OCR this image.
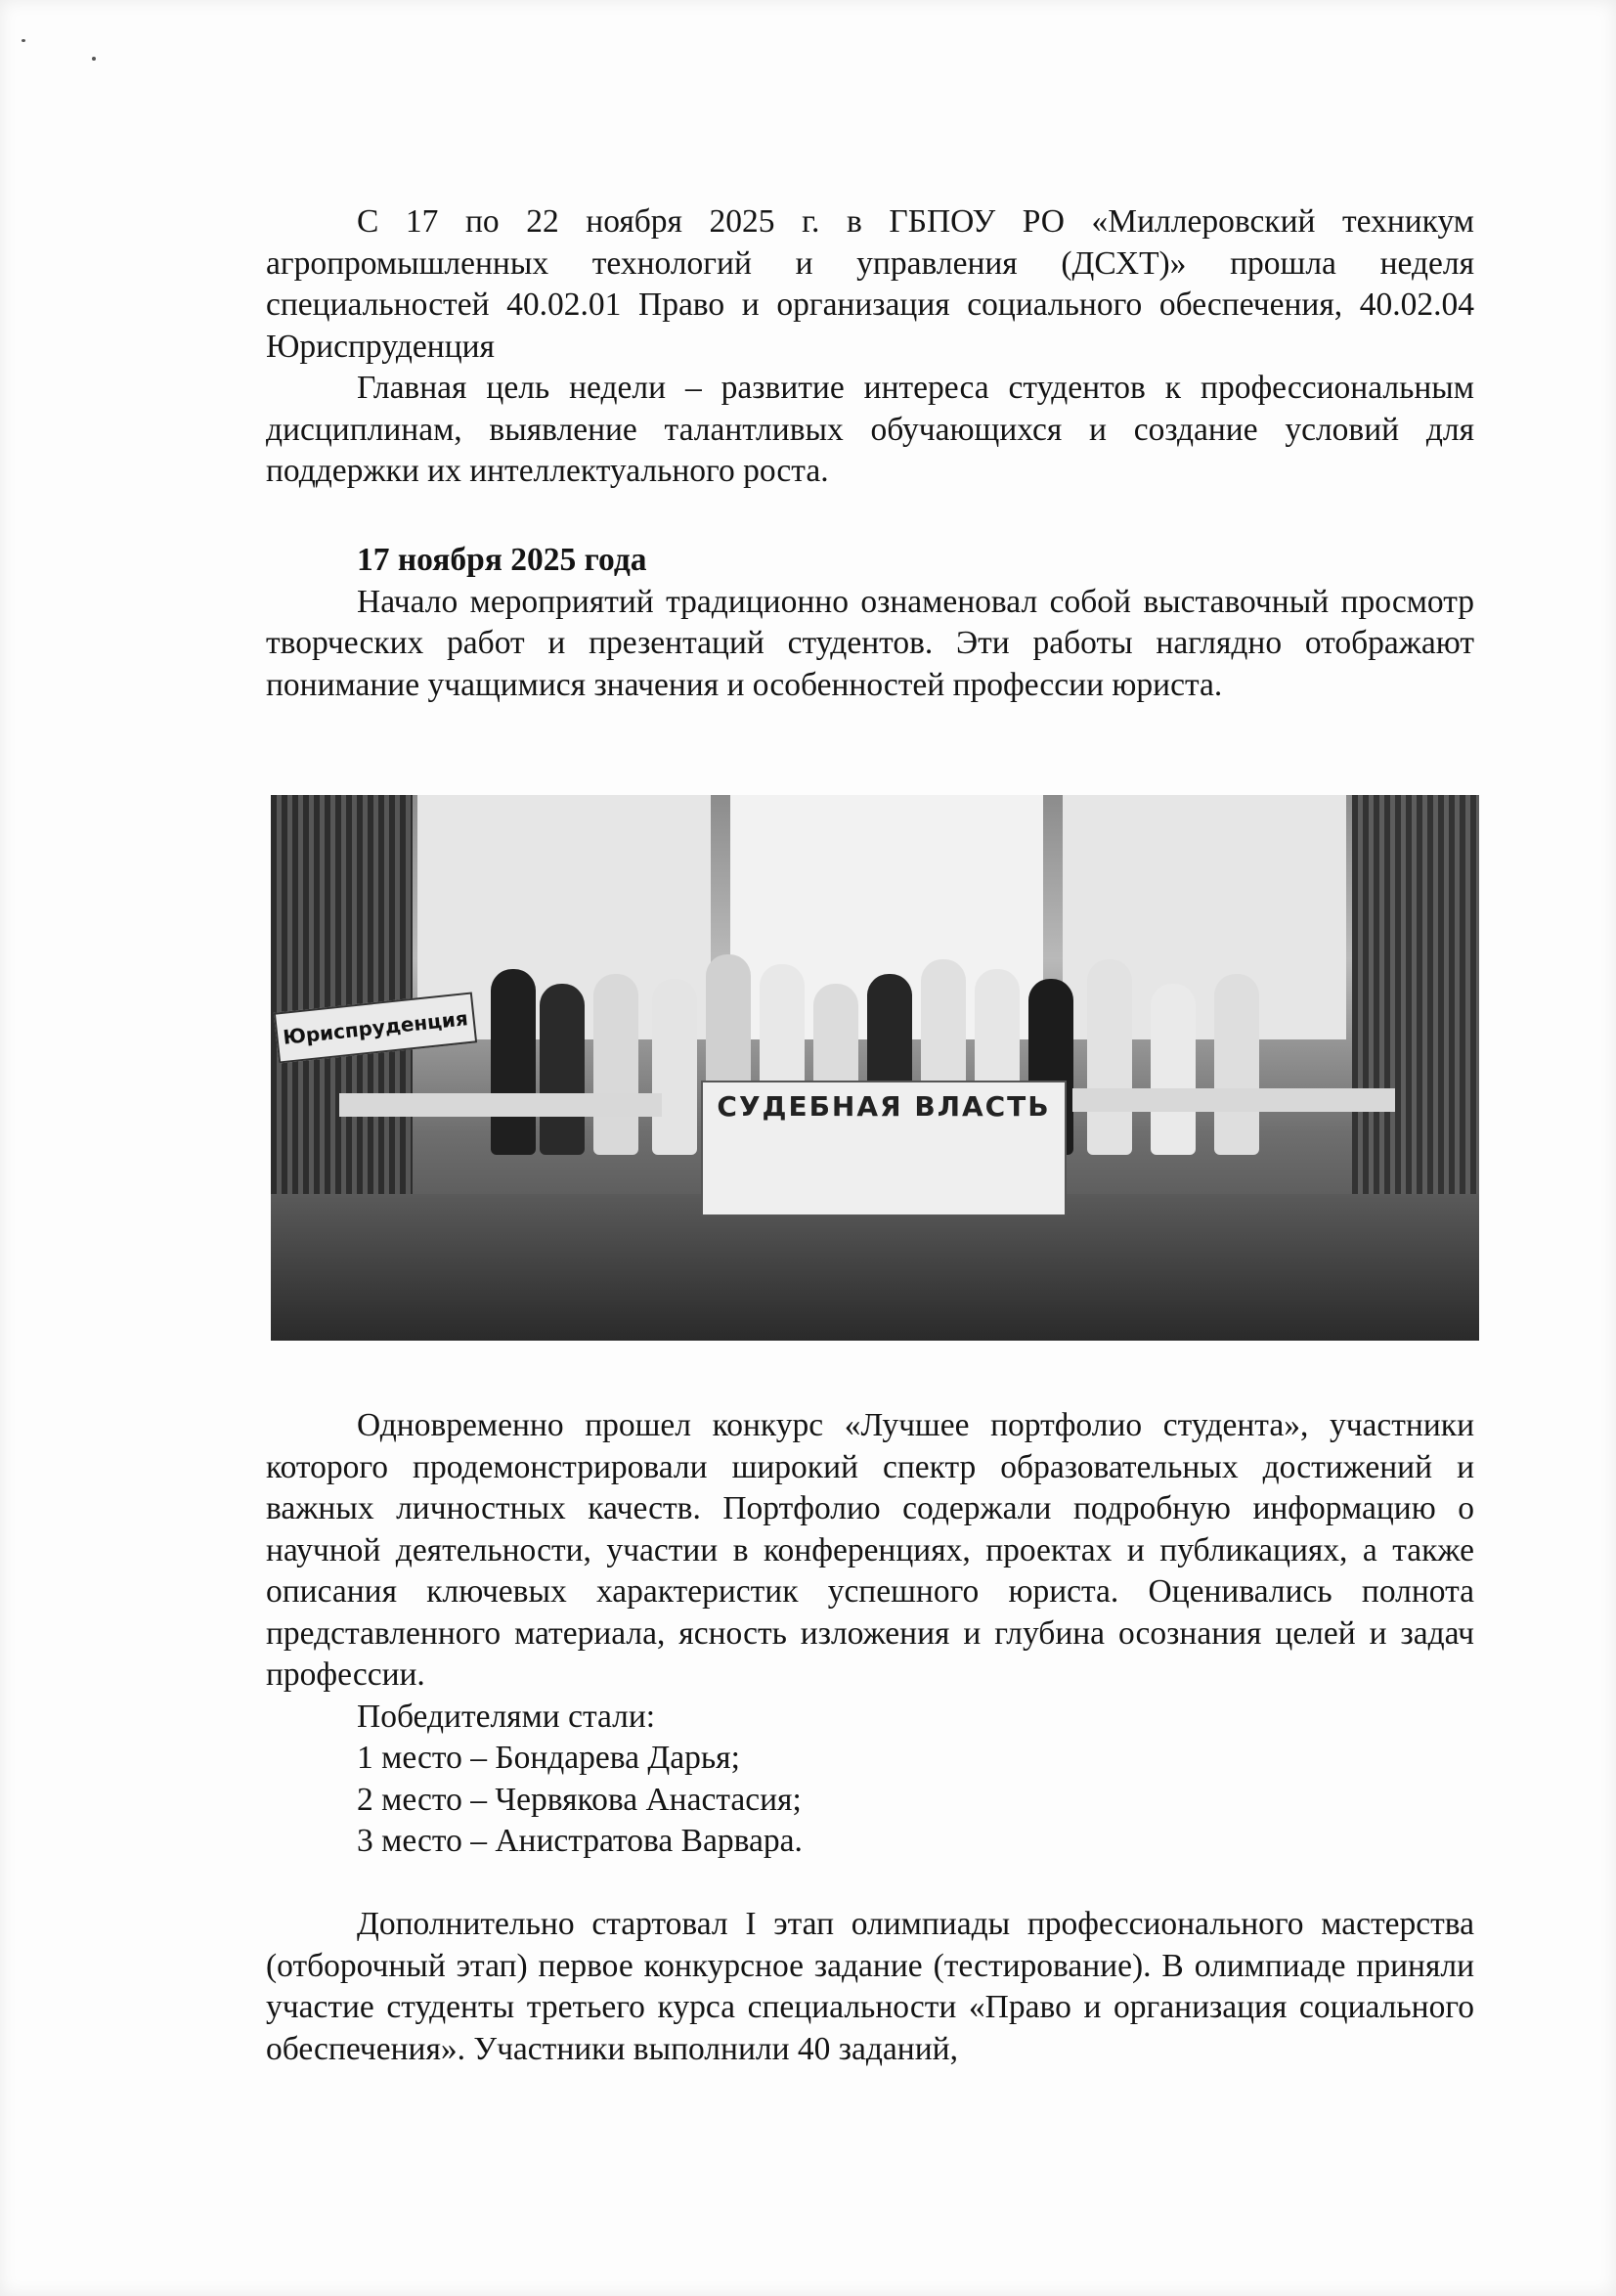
С 17 по 22 ноября 2025 г. в ГБПОУ РО «Миллеровский техникум агропромышленных технологий и управления (ДСХТ)» прошла неделя специальностей 40.02.01 Право и организация социального обеспечения, 40.02.04 Юриспруденция

Главная цель недели – развитие интереса студентов к профессиональным дисциплинам, выявление талантливых обучающихся и создание условий для поддержки их интеллектуального роста.

17 ноября 2025 года

Начало мероприятий традиционно ознаменовал собой выставочный просмотр творческих работ и презентаций студентов. Эти работы наглядно отображают понимание учащимися значения и особенностей профессии юриста.

Юриспруденция
СУДЕБНАЯ ВЛАСТЬ

Одновременно прошел конкурс «Лучшее портфолио студента», участники которого продемонстрировали широкий спектр образовательных достижений и важных личностных качеств. Портфолио содержали подробную информацию о научной деятельности, участии в конференциях, проектах и публикациях, а также описания ключевых характеристик успешного юриста. Оценивались полнота представленного материала, ясность изложения и глубина осознания целей и задач профессии.

Победителями стали:

1 место – Бондарева Дарья;

2 место – Червякова Анастасия;

3 место – Анистратова Варвара.

Дополнительно стартовал I этап олимпиады профессионального мастерства (отборочный этап) первое конкурсное задание (тестирование). В олимпиаде приняли участие студенты третьего курса специальности «Право и организация социального обеспечения». Участники выполнили 40 заданий,
